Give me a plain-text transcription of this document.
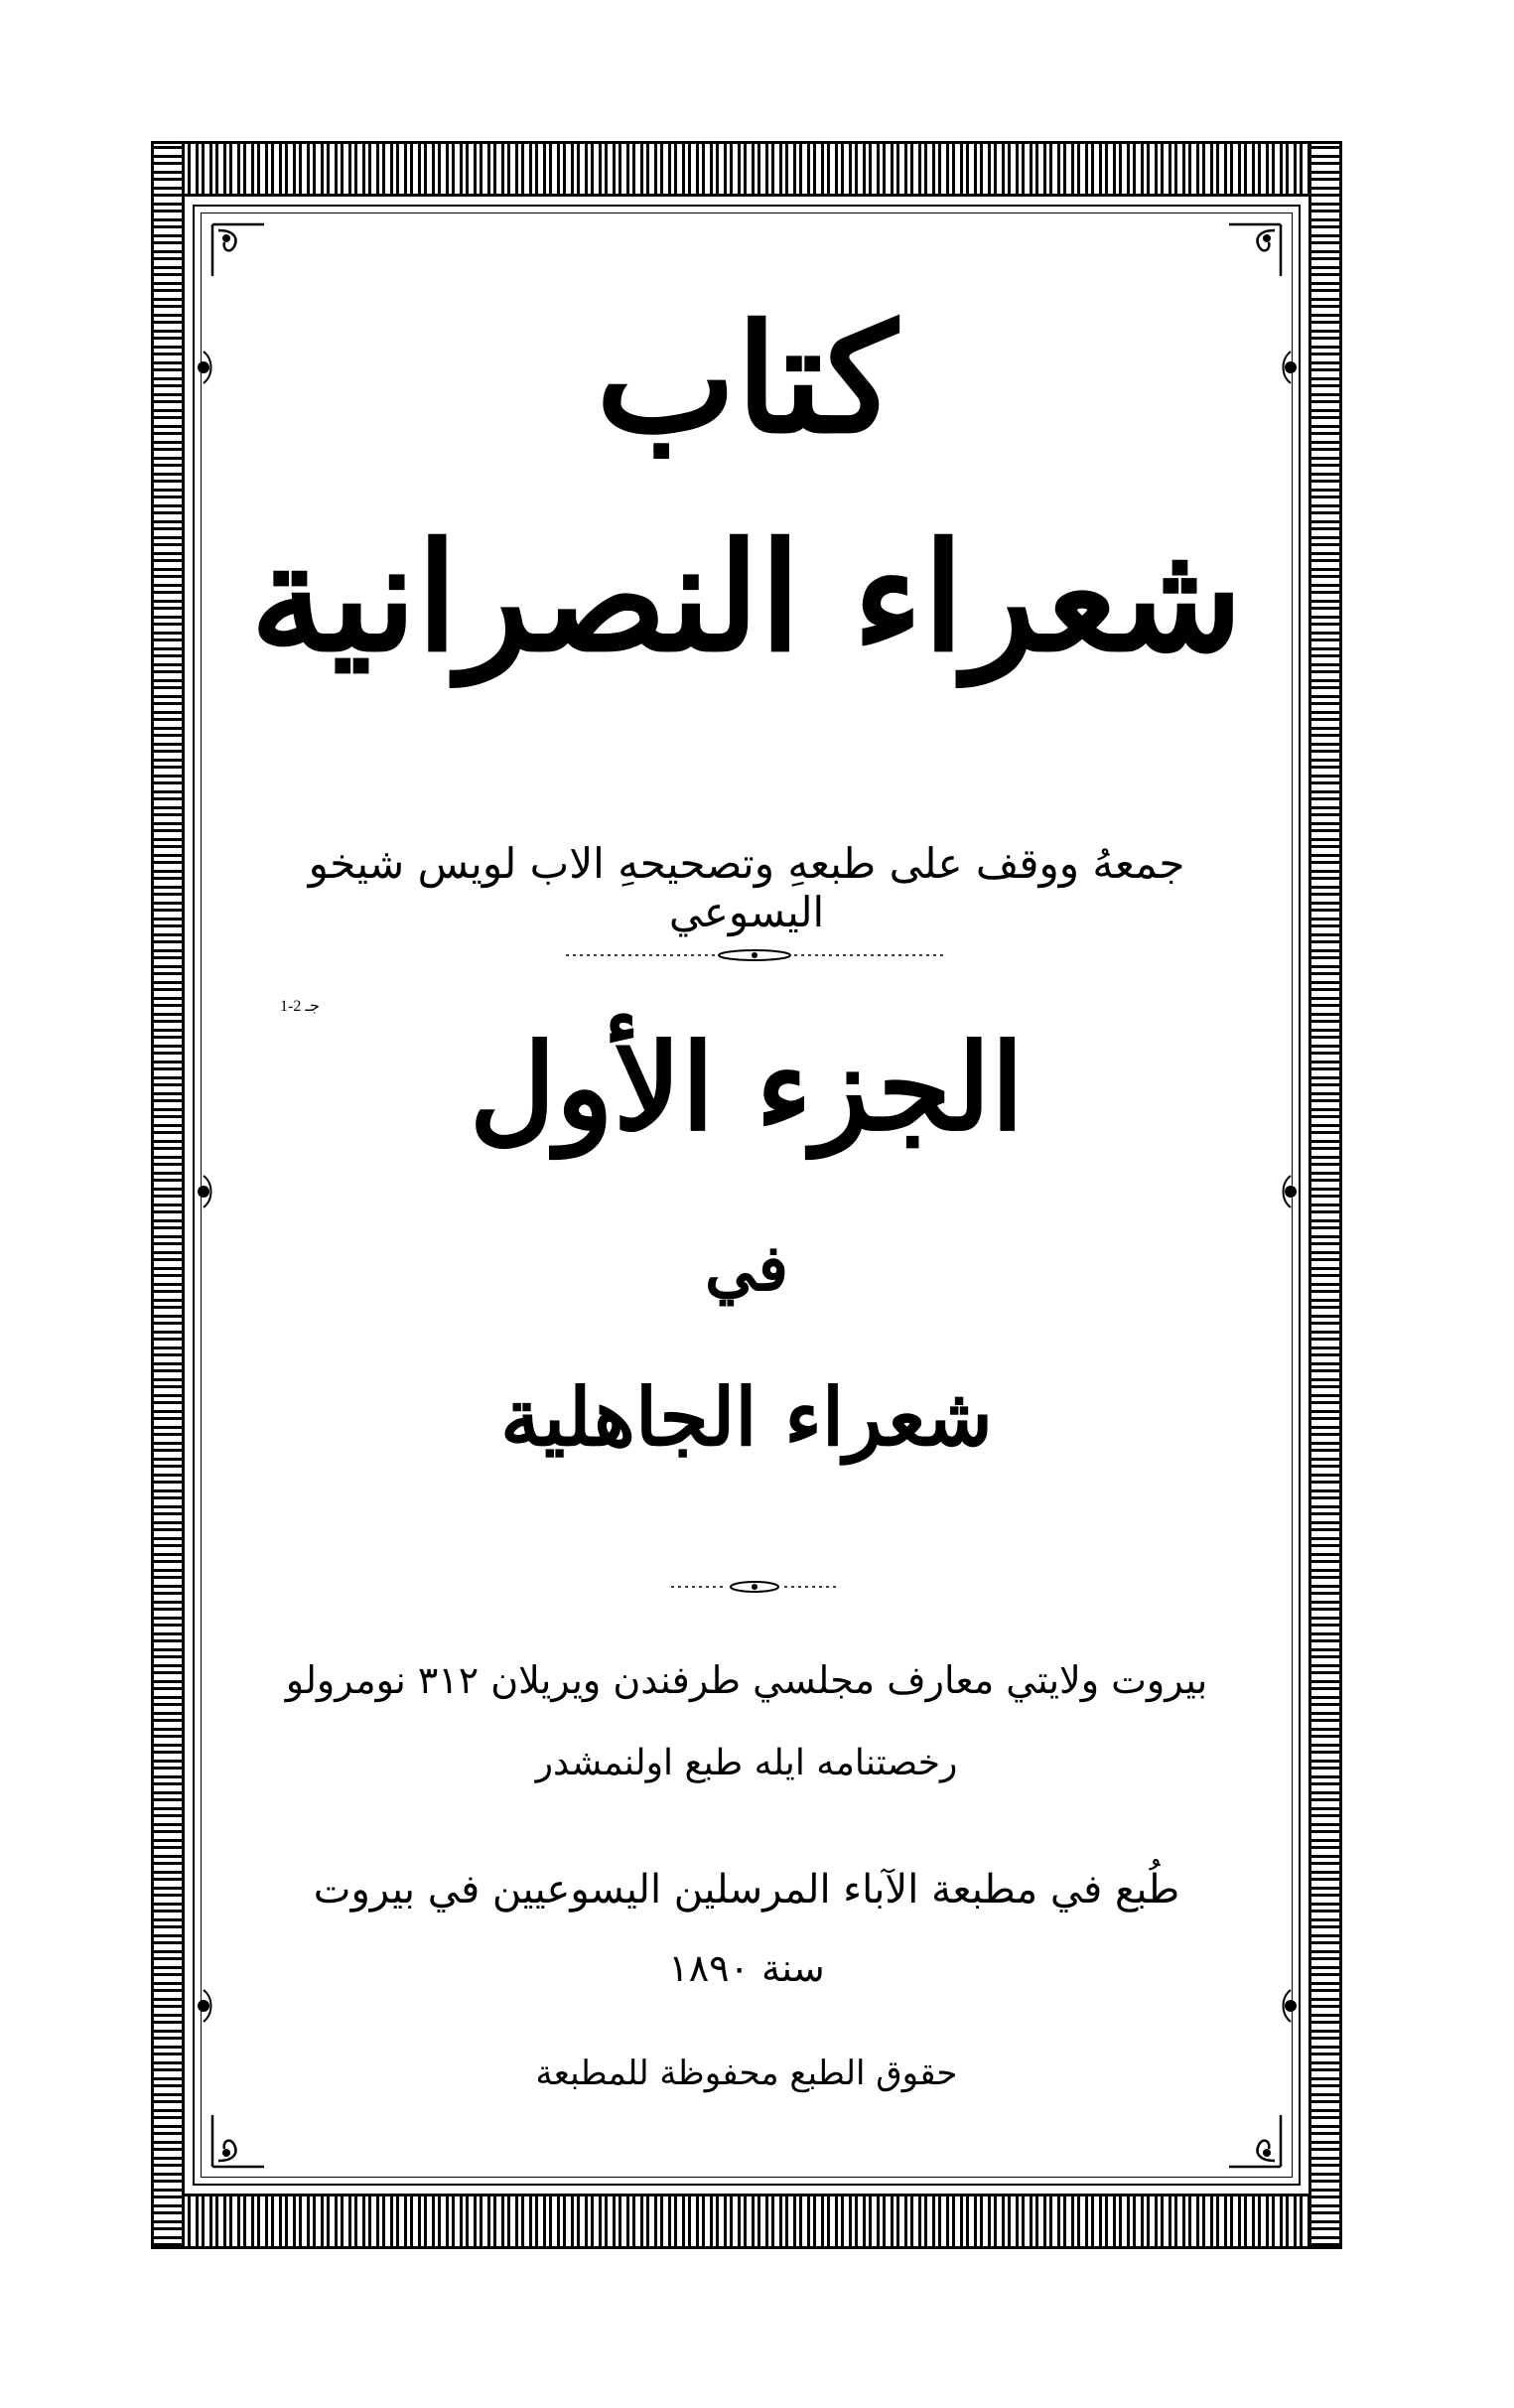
كتاب
شعراء النصرانية
جمعهُ ووقف على طبعهِ وتصحيحهِ الاب لويس شيخو اليسوعي
جـ 2-1
الجزء الأول
في
شعراء الجاهلية
بيروت ولايتي معارف مجلسي طرفندن ويريلان ٣١٢ نومرولو
رخصتنامه ايله طبع اولنمشدر
طُبع في مطبعة الآباء المرسلين اليسوعيين في بيروت
سنة ١٨٩٠
حقوق الطبع محفوظة للمطبعة
